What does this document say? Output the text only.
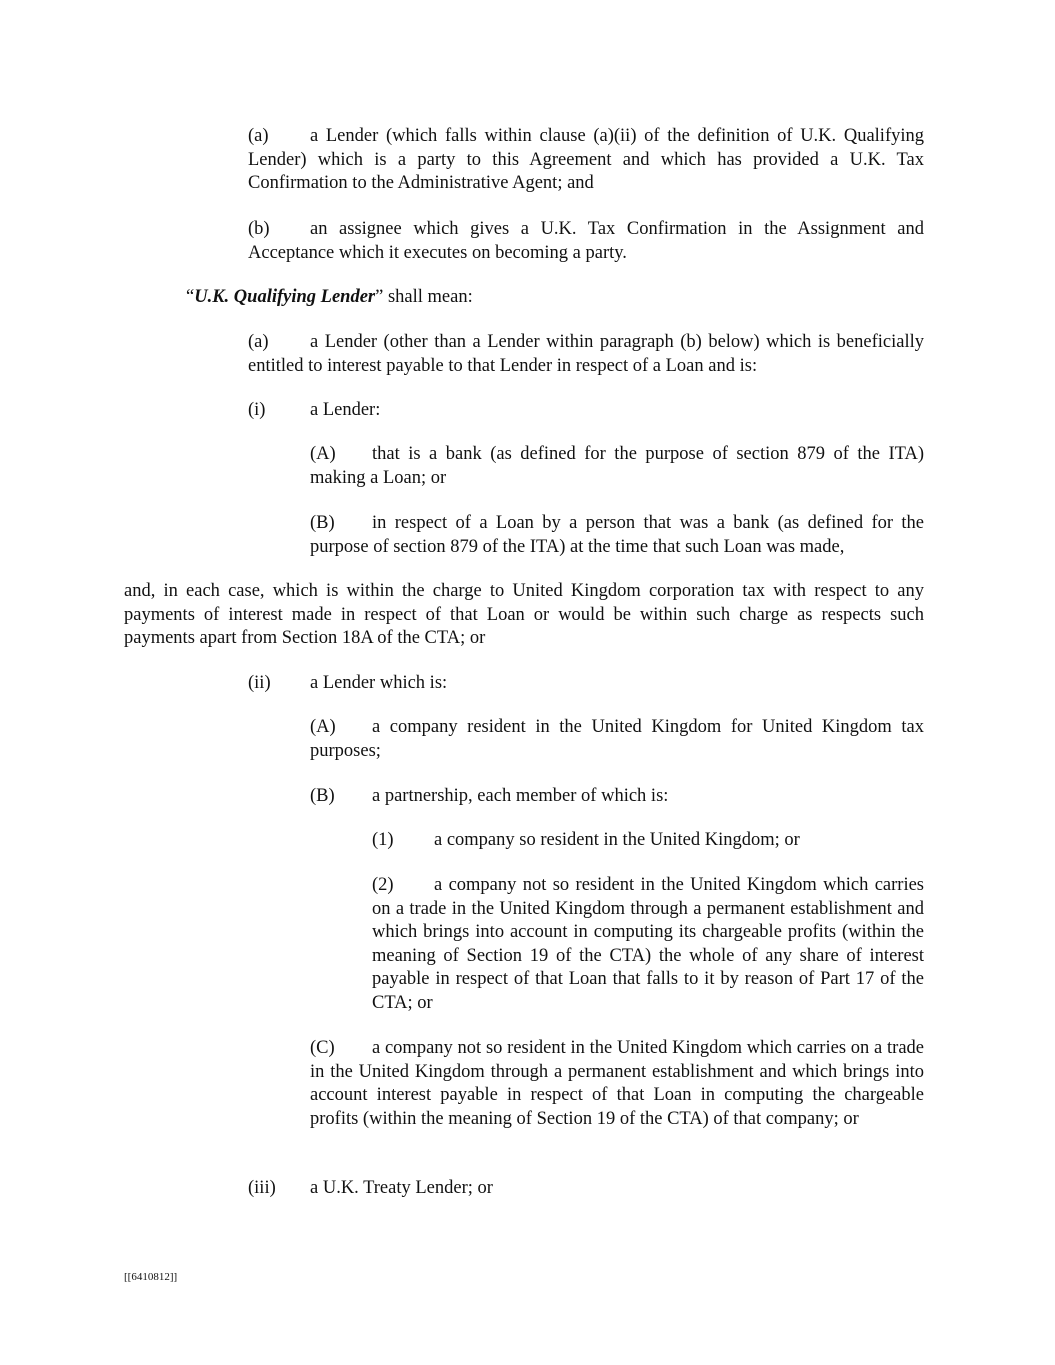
(a) a Lender (which falls within clause (a)(ii) of the definition of U.K. Qualifying Lender) which is a party to this Agreement and which has provided a U.K. Tax Confirmation to the Administrative Agent; and
(b) an assignee which gives a U.K. Tax Confirmation in the Assignment and Acceptance which it executes on becoming a party.
“U.K. Qualifying Lender” shall mean:
(a) a Lender (other than a Lender within paragraph (b) below) which is beneficially entitled to interest payable to that Lender in respect of a Loan and is:
(i) a Lender:
(A) that is a bank (as defined for the purpose of section 879 of the ITA) making a Loan; or
(B) in respect of a Loan by a person that was a bank (as defined for the purpose of section 879 of the ITA) at the time that such Loan was made,
and, in each case, which is within the charge to United Kingdom corporation tax with respect to any payments of interest made in respect of that Loan or would be within such charge as respects such payments apart from Section 18A of the CTA; or
(ii) a Lender which is:
(A) a company resident in the United Kingdom for United Kingdom tax purposes;
(B) a partnership, each member of which is:
(1) a company so resident in the United Kingdom; or
(2) a company not so resident in the United Kingdom which carries on a trade in the United Kingdom through a permanent establishment and which brings into account in computing its chargeable profits (within the meaning of Section 19 of the CTA) the whole of any share of interest payable in respect of that Loan that falls to it by reason of Part 17 of the CTA; or
(C) a company not so resident in the United Kingdom which carries on a trade in the United Kingdom through a permanent establishment and which brings into account interest payable in respect of that Loan in computing the chargeable profits (within the meaning of Section 19 of the CTA) of that company; or
(iii) a U.K. Treaty Lender; or
[[6410812]]
